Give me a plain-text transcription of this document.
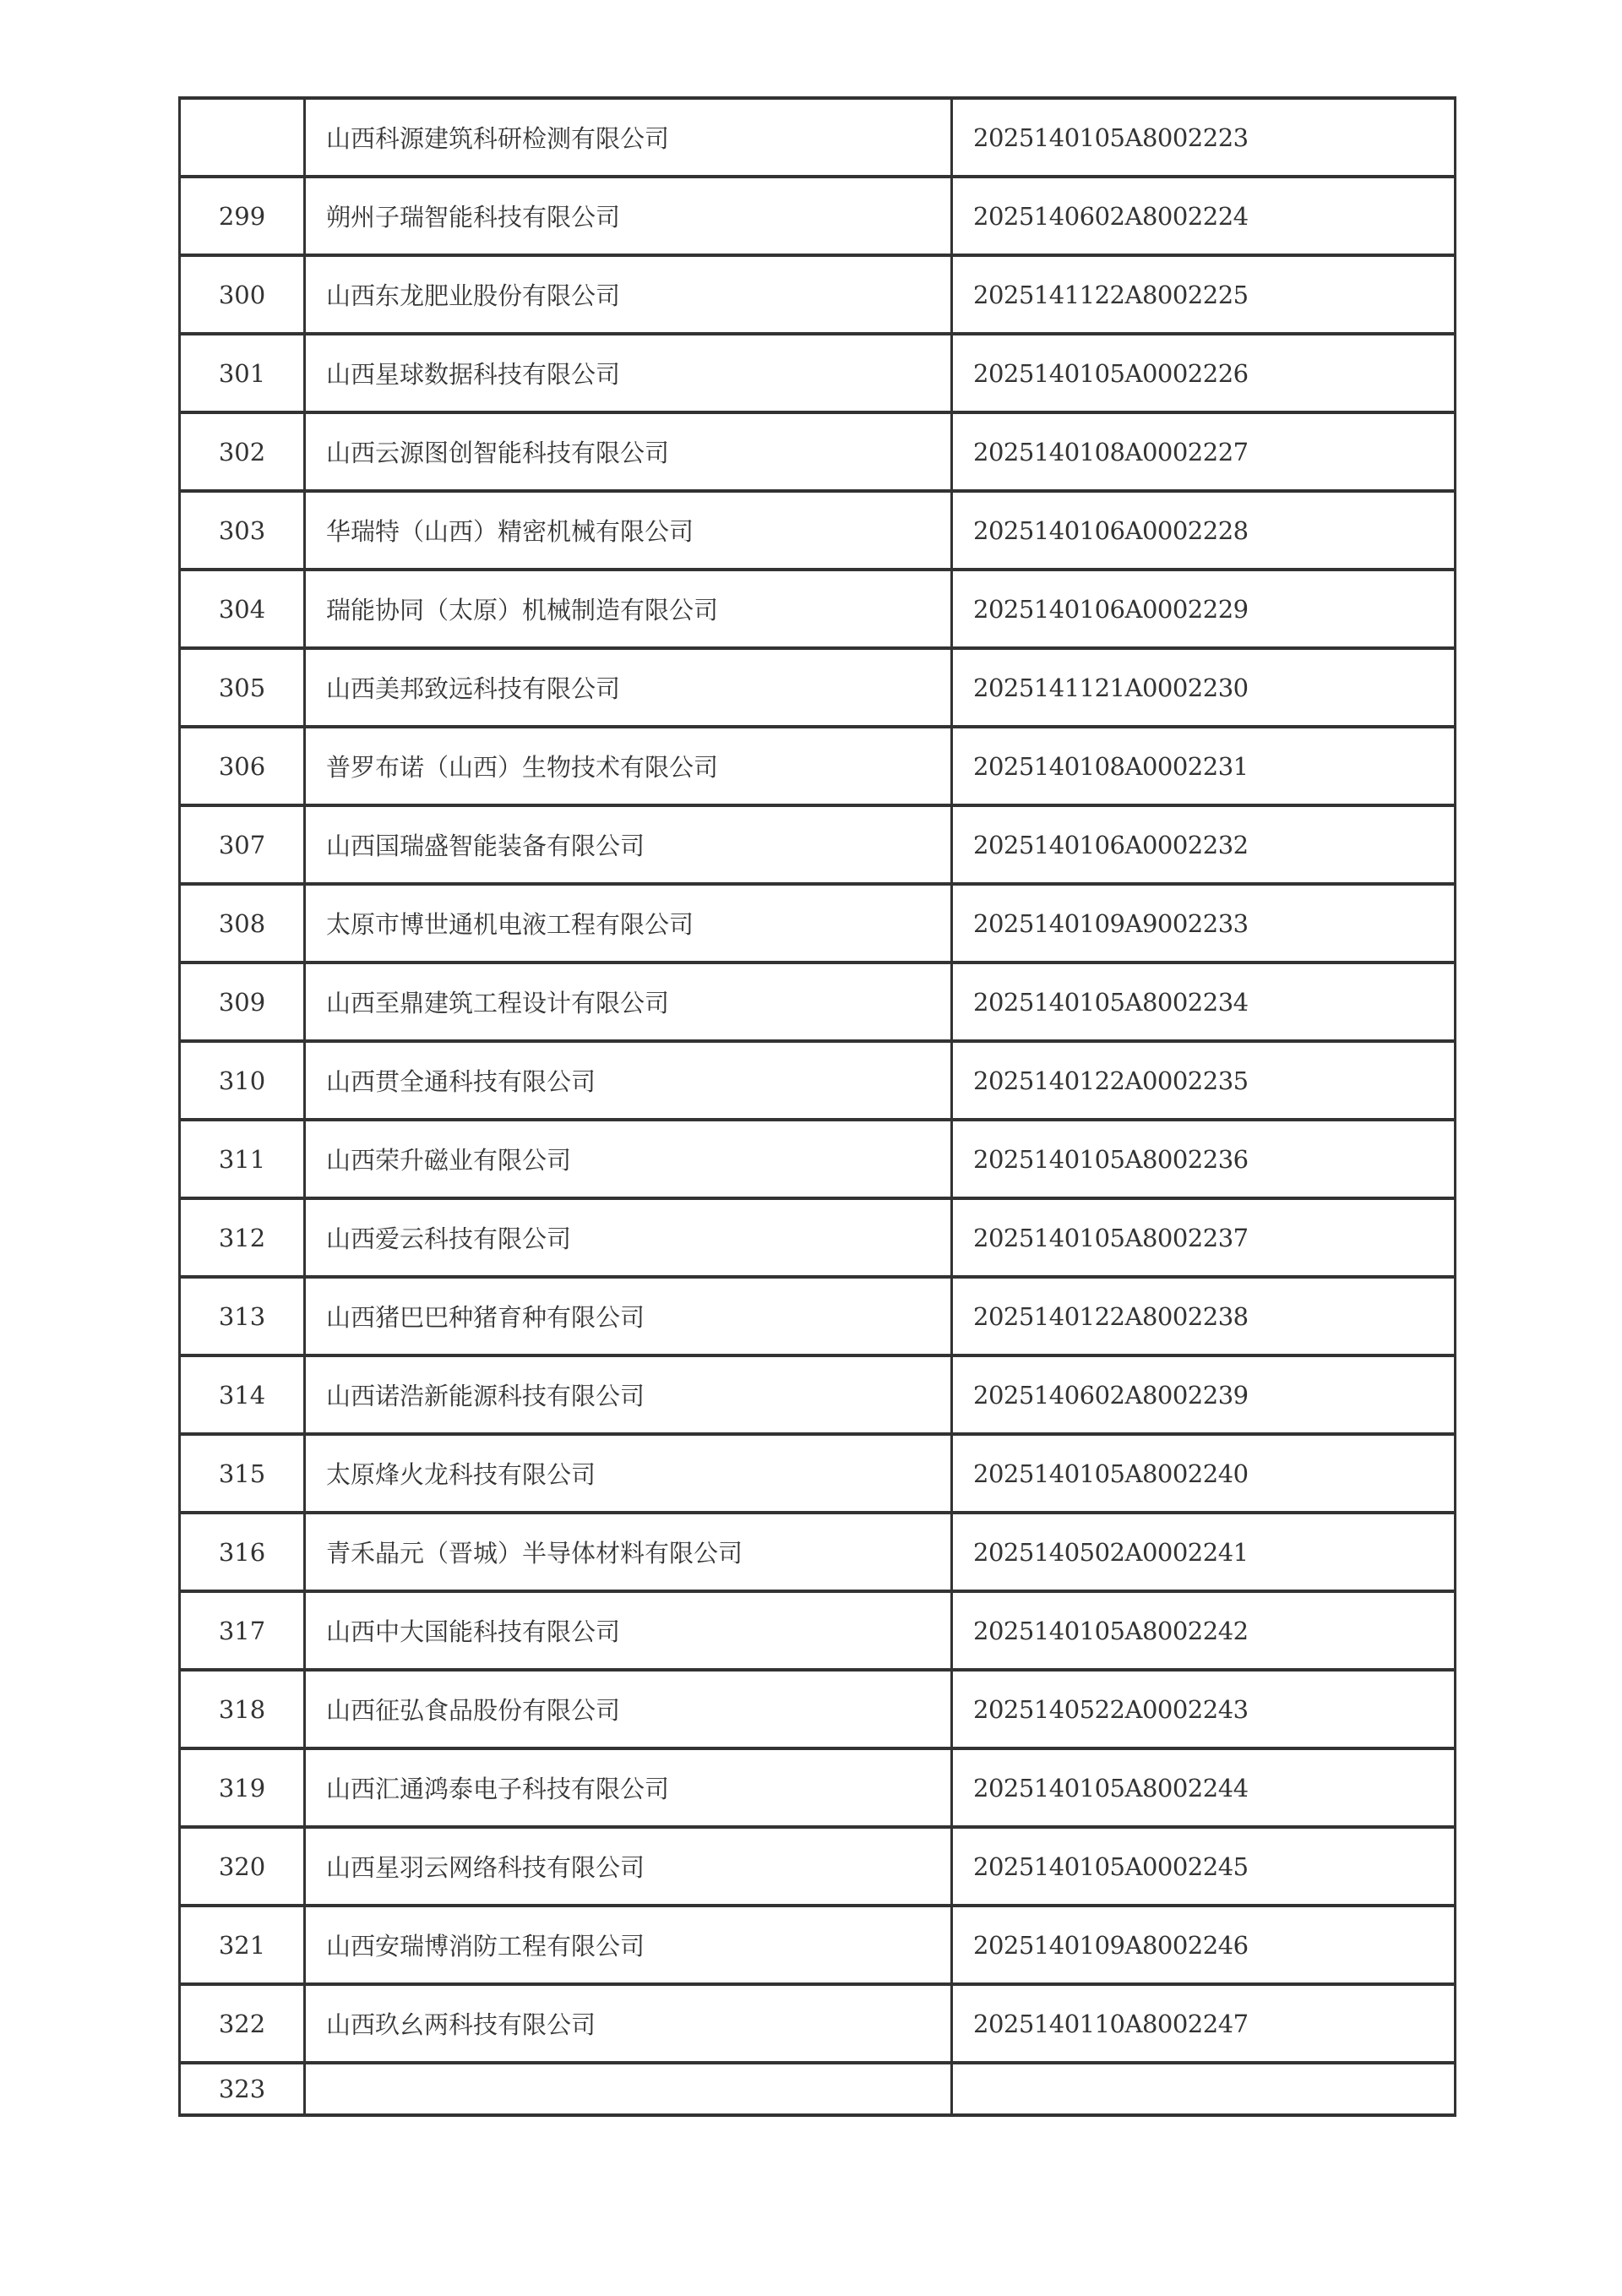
	山西科源建筑科研检测有限公司	2025140105A8002223
299	朔州子瑞智能科技有限公司	2025140602A8002224
300	山西东龙肥业股份有限公司	2025141122A8002225
301	山西星球数据科技有限公司	2025140105A0002226
302	山西云源图创智能科技有限公司	2025140108A0002227
303	华瑞特（山西）精密机械有限公司	2025140106A0002228
304	瑞能协同（太原）机械制造有限公司	2025140106A0002229
305	山西美邦致远科技有限公司	2025141121A0002230
306	普罗布诺（山西）生物技术有限公司	2025140108A0002231
307	山西国瑞盛智能装备有限公司	2025140106A0002232
308	太原市博世通机电液工程有限公司	2025140109A9002233
309	山西至鼎建筑工程设计有限公司	2025140105A8002234
310	山西贯全通科技有限公司	2025140122A0002235
311	山西荣升磁业有限公司	2025140105A8002236
312	山西爱云科技有限公司	2025140105A8002237
313	山西猪巴巴种猪育种有限公司	2025140122A8002238
314	山西诺浩新能源科技有限公司	2025140602A8002239
315	太原烽火龙科技有限公司	2025140105A8002240
316	青禾晶元（晋城）半导体材料有限公司	2025140502A0002241
317	山西中大国能科技有限公司	2025140105A8002242
318	山西征弘食品股份有限公司	2025140522A0002243
319	山西汇通鸿泰电子科技有限公司	2025140105A8002244
320	山西星羽云网络科技有限公司	2025140105A0002245
321	山西安瑞博消防工程有限公司	2025140109A8002246
322	山西玖幺两科技有限公司	2025140110A8002247
323		
